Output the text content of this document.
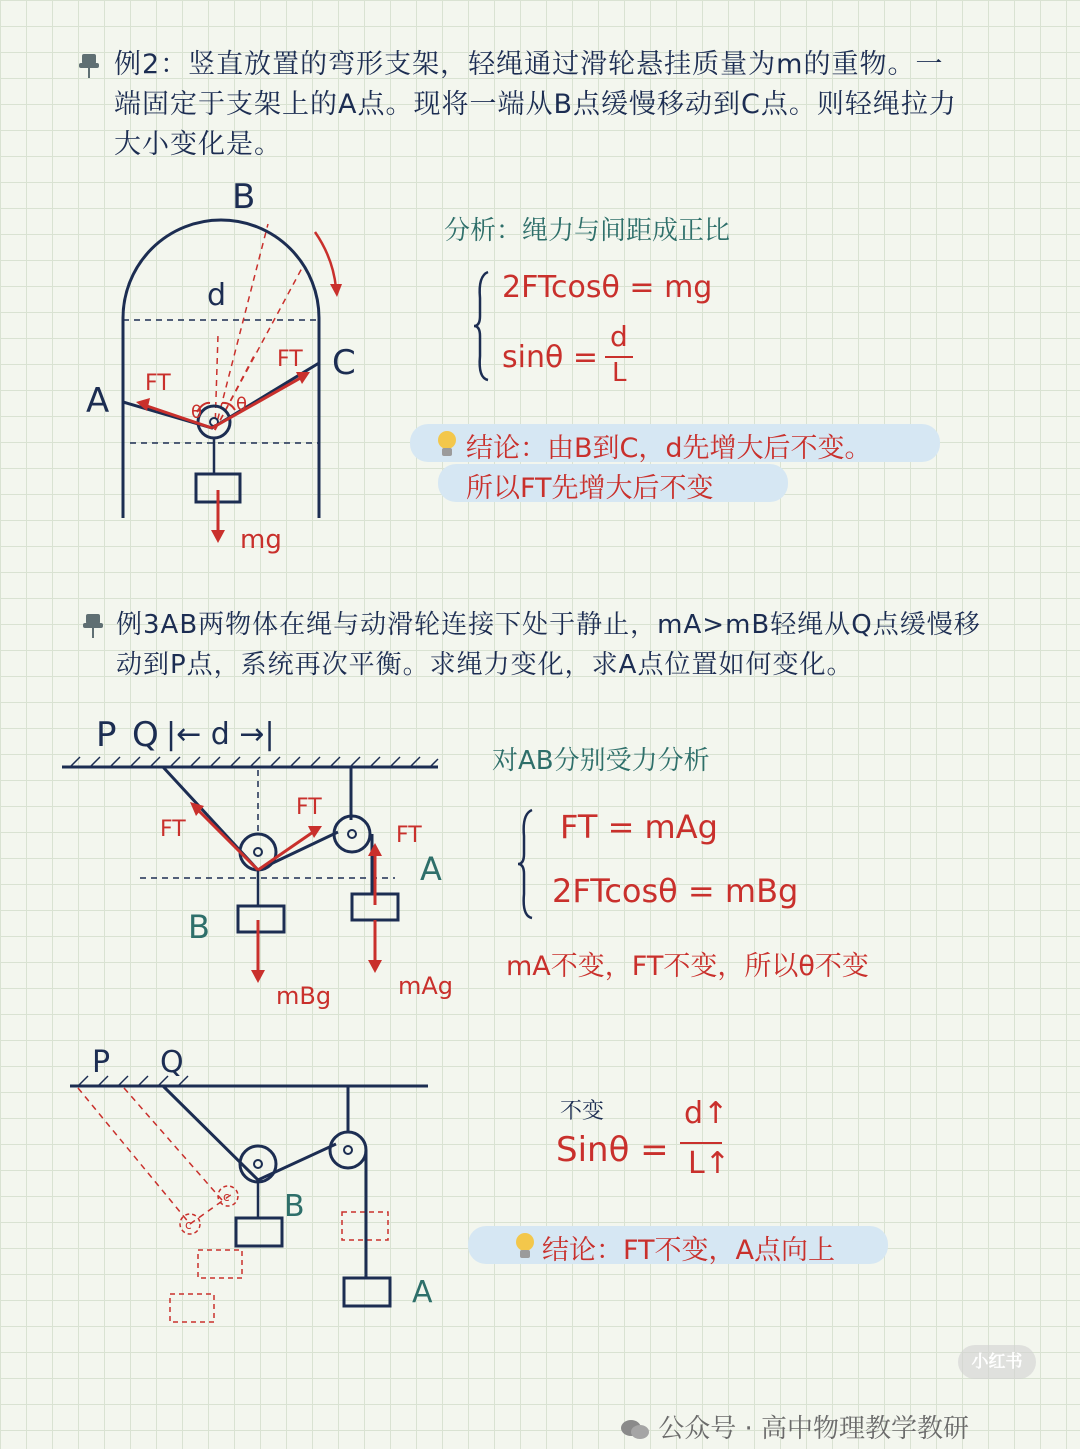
例2：竖直放置的弯形支架，轻绳通过滑轮悬挂质量为m的重物。一
端固定于支架上的A点。现将一端从B点缓慢移动到C点。则轻绳拉力
大小变化是。
B
d
A
C
FT
FT
θ θ
mg
分析：绳力与间距成正比
2FTcosθ = mg
sinθ =
d
L
结论：由B到C，d先增大后不变。
所以FT先增大后不变
例3AB两物体在绳与动滑轮连接下处于静止，mA>mB轻绳从Q点缓慢移
动到P点，系统再次平衡。求绳力变化，求A点位置如何变化。
P Q |← d →|
FT
FT
FT
A
B
mBg	mAg
对AB分别受力分析
FT = mAg
2FTcosθ = mBg
mA不变，FT不变，所以θ不变
P Q
B
A
c
c
不变
Sinθ =
d↑
L↑
结论：FT不变，A点向上
小红书
公众号 · 高中物理教学教研
